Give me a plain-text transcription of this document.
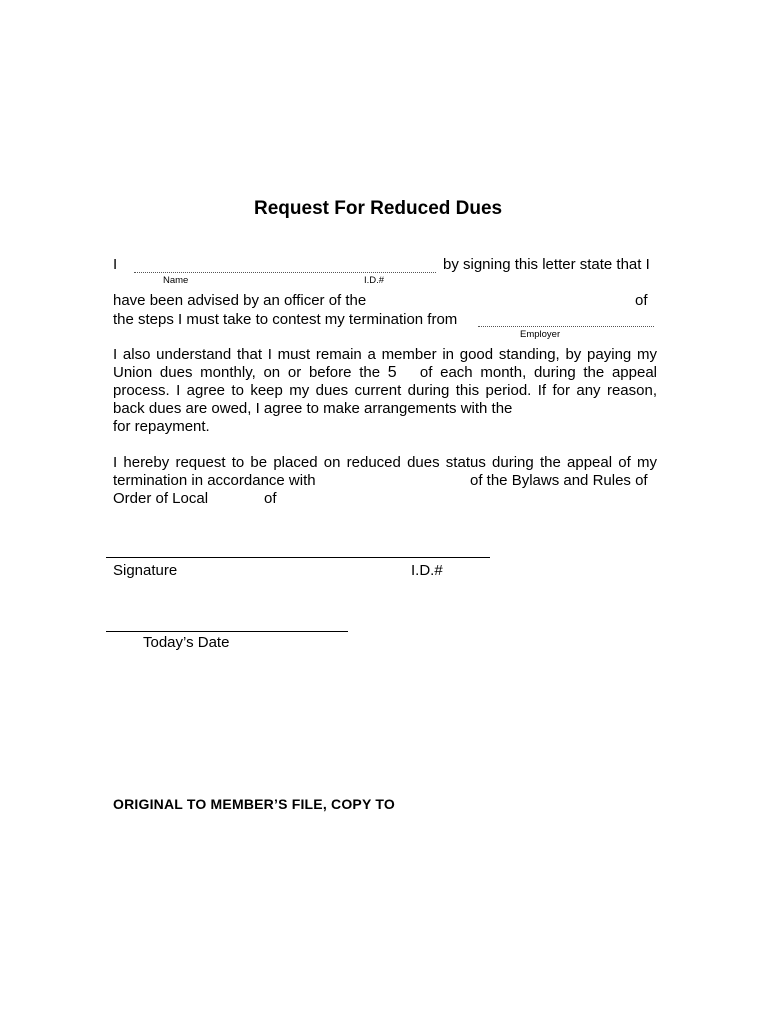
Request For Reduced Dues
I	by signing this letter state that I
Name	I.D.#
have been advised by an officer of the	of
the steps I must take to contest my termination from
Employer
I also understand that I must remain a member in good standing, by paying my Union dues monthly, on or before the 5 of each month, during the appeal process. I agree to keep my dues current during this period. If for any reason, back dues are owed, I agree to make arrangements with the
for repayment.
I hereby request to be placed on reduced dues status during the appeal of my
termination in accordance with	of the Bylaws and Rules of
Order of Local	of
Signature	I.D.#
Today’s Date
ORIGINAL TO MEMBER’S FILE, COPY TO
